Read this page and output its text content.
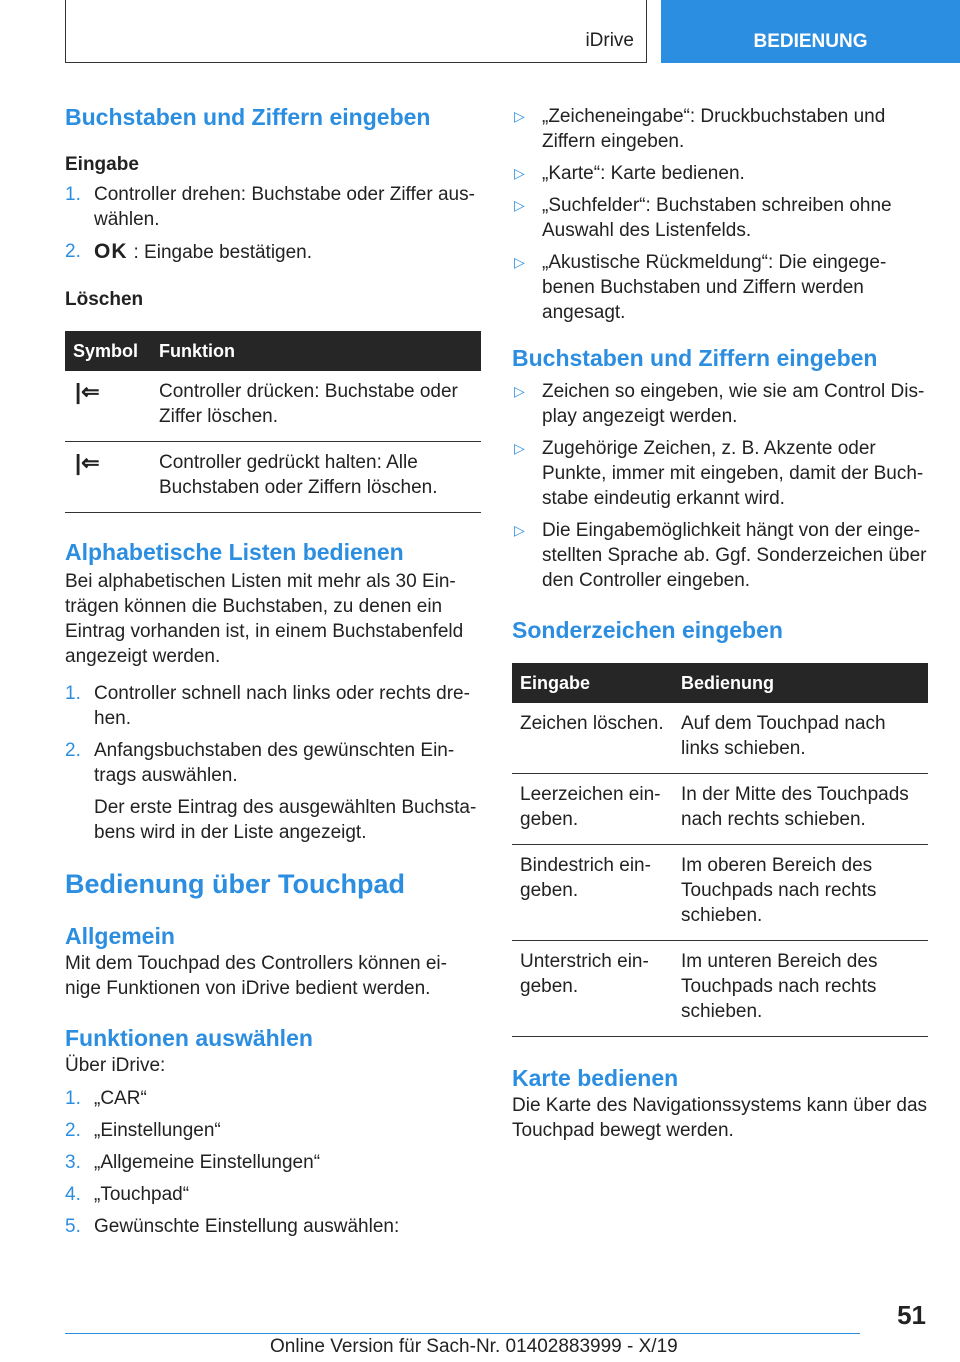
iDrive	BEDIENUNG
Buchstaben und Ziffern eingeben
Eingabe
1. Controller drehen: Buchstabe oder Ziffer aus-wählen.
2. OK : Eingabe bestätigen.
Löschen
Symbol	Funktion
|⇐	Controller drücken: Buchstabe oder Ziffer löschen.
|⇐	Controller gedrückt halten: Alle Buchstaben oder Ziffern löschen.
Alphabetische Listen bedienen

Bei alphabetischen Listen mit mehr als 30 Ein-trägen können die Buchstaben, zu denen ein Eintrag vorhanden ist, in einem Buchstabenfeld angezeigt werden.

1. Controller schnell nach links oder rechts dre-hen.
2. Anfangsbuchstaben des gewünschten Ein-trags auswählen.

Der erste Eintrag des ausgewählten Buchsta-bens wird in der Liste angezeigt.

Bedienung über Touchpad
Allgemein

Mit dem Touchpad des Controllers können ei-nige Funktionen von iDrive bedient werden.

Funktionen auswählen

Über iDrive:

1. „CAR“
2. „Einstellungen“
3. „Allgemeine Einstellungen“
4. „Touchpad“
5. Gewünschte Einstellung auswählen:
▷ „Zeicheneingabe“: Druckbuchstaben und Ziffern eingeben.
▷ „Karte“: Karte bedienen.
▷ „Suchfelder“: Buchstaben schreiben ohne Auswahl des Listenfelds.
▷ „Akustische Rückmeldung“: Die eingege-benen Buchstaben und Ziffern werden angesagt.
Buchstaben und Ziffern eingeben
▷ Zeichen so eingeben, wie sie am Control Dis-play angezeigt werden.
▷ Zugehörige Zeichen, z. B. Akzente oder Punkte, immer mit eingeben, damit der Buch-stabe eindeutig erkannt wird.
▷ Die Eingabemöglichkeit hängt von der einge-stellten Sprache ab. Ggf. Sonderzeichen über den Controller eingeben.
Sonderzeichen eingeben
Eingabe	Bedienung
Zeichen löschen.	Auf dem Touchpad nach links schieben.
Leerzeichen ein-geben.	In der Mitte des Touchpads nach rechts schieben.
Bindestrich ein-geben.	Im oberen Bereich des Touchpads nach rechts schieben.
Unterstrich ein-geben.	Im unteren Bereich des Touchpads nach rechts schieben.
Karte bedienen

Die Karte des Navigationssystems kann über das Touchpad bewegt werden.

51
Online Version für Sach-Nr. 01402883999 - X/19
